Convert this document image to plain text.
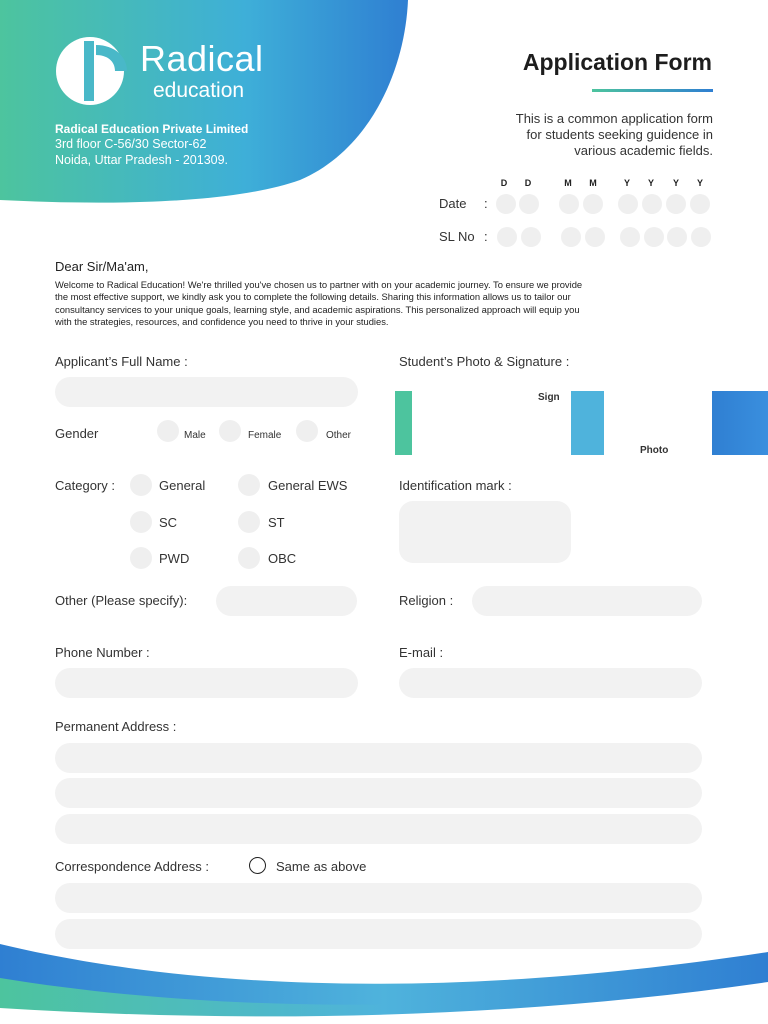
Radical
education
Radical Education Private Limited
3rd floor C-56/30 Sector-62
Noida, Uttar Pradesh - 201309.
Application Form
This is a common application form
for students seeking guidence in
various academic fields.
D	D	M	M	Y	Y	Y	Y
Date :
SL No :
Dear Sir/Ma'am,
Welcome to Radical Education! We're thrilled you've chosen us to partner with on your academic journey. To ensure we provide
the most effective support, we kindly ask you to complete the following details. Sharing this information allows us to tailor our
consultancy services to your unique goals, learning style, and academic aspirations. This personalized approach will equip you
with the strategies, resources, and confidence you need to thrive in your studies.
Applicant’s Full Name :	Student’s Photo & Signature :
Sign
Photo
Gender	Male	Female	Other
Category :	General	General EWS
SC	ST
PWD	OBC
Identification mark :
Other (Please specify):	Religion :
Phone Number :	E-mail :
Permanent Address :
Correspondence Address :	Same as above
